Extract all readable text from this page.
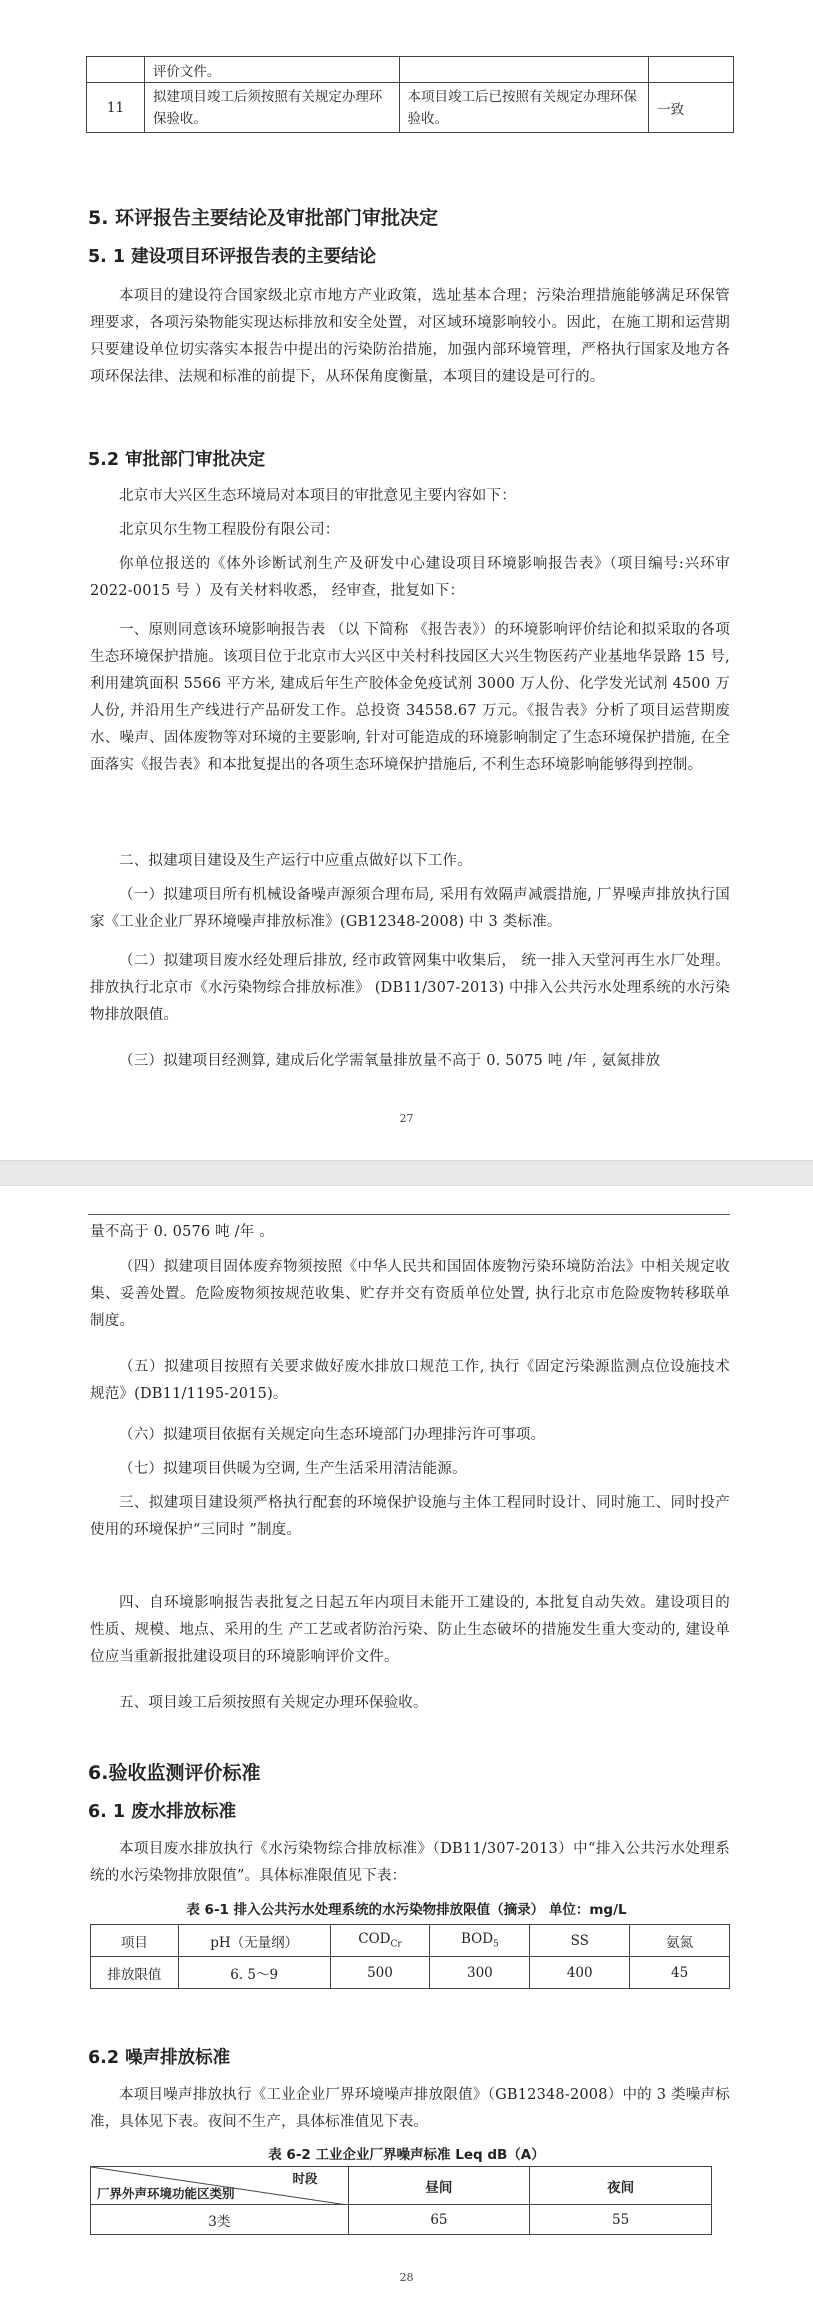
	评价文件。		
11	拟建项目竣工后须按照有关规定办理环保验收。	本项目竣工后已按照有关规定办理环保验收。	一致
5. 环评报告主要结论及审批部门审批决定
5. 1 建设项目环评报告表的主要结论
本项目的建设符合国家级北京市地方产业政策，选址基本合理；污染治理措施能够满足环保管理要求，各项污染物能实现达标排放和安全处置，对区域环境影响较小。因此，在施工期和运营期只要建设单位切实落实本报告中提出的污染防治措施，加强内部环境管理，严格执行国家及地方各项环保法律、法规和标准的前提下，从环保角度衡量，本项目的建设是可行的。
5.2 审批部门审批决定
北京市大兴区生态环境局对本项目的审批意见主要内容如下：
北京贝尔生物工程股份有限公司：
你单位报送的《体外诊断试剂生产及研发中心建设项目环境影响报告表》（项目编号:兴环审 2022-0015 号 ）及有关材料收悉， 经审查，批复如下：
一、原则同意该环境影响报告表 （以 下简称 《报告表》）的环境影响评价结论和拟采取的各项生态环境保护措施。该项目位于北京市大兴区中关村科技园区大兴生物医药产业基地华景路 15 号, 利用建筑面积 5566 平方米, 建成后年生产胶体金免疫试剂 3000 万人份、化学发光试剂 4500 万人份, 并沿用生产线进行产品研发工作。总投资 34558.67 万元。《报告表》分析了项目运营期废水、噪声、固体废物等对环境的主要影响, 针对可能造成的环境影响制定了生态环境保护措施, 在全面落实《报告表》和本批复提出的各项生态环境保护措施后, 不利生态环境影响能够得到控制。
二、拟建项目建设及生产运行中应重点做好以下工作。
（一）拟建项目所有机械设备噪声源须合理布局, 采用有效隔声减震措施, 厂界噪声排放执行国家《工业企业厂界环境噪声排放标准》(GB12348-2008) 中 3 类标准。
（二）拟建项目废水经处理后排放, 经市政管网集中收集后， 统一排入天堂河再生水厂处理。排放执行北京市《水污染物综合排放标准》 (DB11/307-2013) 中排入公共污水处理系统的水污染物排放限值。
（三）拟建项目经测算, 建成后化学需氧量排放量不高于 0. 5075 吨 /年 , 氨氮排放
27
量不高于 0. 0576 吨 /年 。
（四）拟建项目固体废弃物须按照《中华人民共和国固体废物污染环境防治法》中相关规定收集、妥善处置。危险废物须按规范收集、贮存并交有资质单位处置, 执行北京市危险废物转移联单制度。
（五）拟建项目按照有关要求做好废水排放口规范工作, 执行《固定污染源监测点位设施技术规范》(DB11/1195-2015)。
（六）拟建项目依据有关规定向生态环境部门办理排污许可事项。
（七）拟建项目供暖为空调, 生产生活采用清洁能源。
三、拟建项目建设须严格执行配套的环境保护设施与主体工程同时设计、同时施工、同时投产使用的环境保护“三同时 ”制度。
四、自环境影响报告表批复之日起五年内项目未能开工建设的, 本批复自动失效。建设项目的性质、规模、地点、采用的生 产工艺或者防治污染、防止生态破坏的措施发生重大变动的, 建设单位应当重新报批建设项目的环境影响评价文件。
五、项目竣工后须按照有关规定办理环保验收。
6.验收监测评价标准
6. 1 废水排放标准
本项目废水排放执行《水污染物综合排放标准》（DB11/307-2013）中“排入公共污水处理系统的水污染物排放限值”。具体标准限值见下表：
表 6-1 排入公共污水处理系统的水污染物排放限值（摘录） 单位：mg/L
项目	pH（无量纲）	$COD_{Cr}$	$BOD_5$	SS	氨氮
排放限值	6. 5～9	500	300	400	45
6.2 噪声排放标准
本项目噪声排放执行《工业企业厂界环境噪声排放限值》（GB12348-2008）中的 3 类噪声标准，具体见下表。夜间不生产，具体标准值见下表。
表 6-2 工业企业厂界噪声标准 Leq dB（A）
时段
厂界外声环境功能区类别	昼间	夜间
3类	65	55
28
